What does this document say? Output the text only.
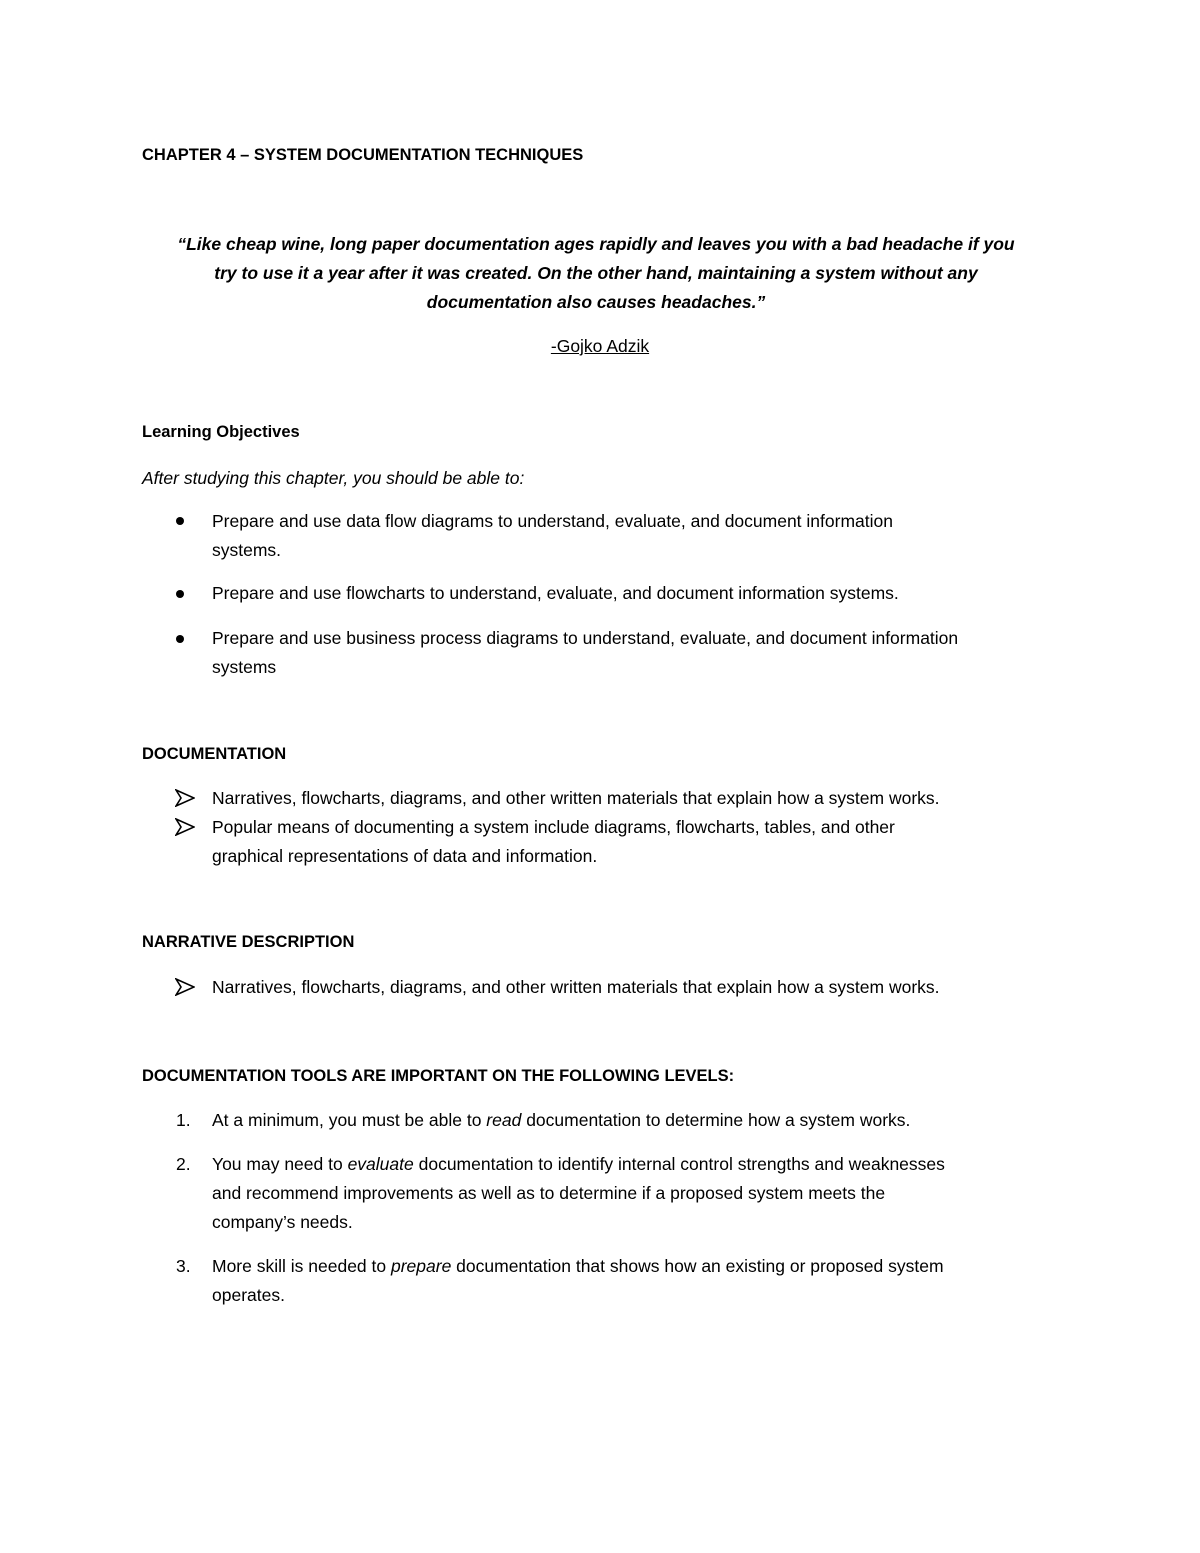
CHAPTER 4 – SYSTEM DOCUMENTATION TECHNIQUES
“Like cheap wine, long paper documentation ages rapidly and leaves you with a bad headache if you
try to use it a year after it was created. On the other hand, maintaining a system without any
documentation also causes headaches.”
-Gojko Adzik
Learning Objectives
After studying this chapter, you should be able to:
Prepare and use data flow diagrams to understand, evaluate, and document information
systems.
Prepare and use flowcharts to understand, evaluate, and document information systems.
Prepare and use business process diagrams to understand, evaluate, and document information
systems
DOCUMENTATION
Narratives, flowcharts, diagrams, and other written materials that explain how a system works.
Popular means of documenting a system include diagrams, flowcharts, tables, and other
graphical representations of data and information.
NARRATIVE DESCRIPTION
Narratives, flowcharts, diagrams, and other written materials that explain how a system works.
DOCUMENTATION TOOLS ARE IMPORTANT ON THE FOLLOWING LEVELS:
1. At a minimum, you must be able to read documentation to determine how a system works.
2. You may need to evaluate documentation to identify internal control strengths and weaknesses
and recommend improvements as well as to determine if a proposed system meets the
company’s needs.
3. More skill is needed to prepare documentation that shows how an existing or proposed system
operates.
